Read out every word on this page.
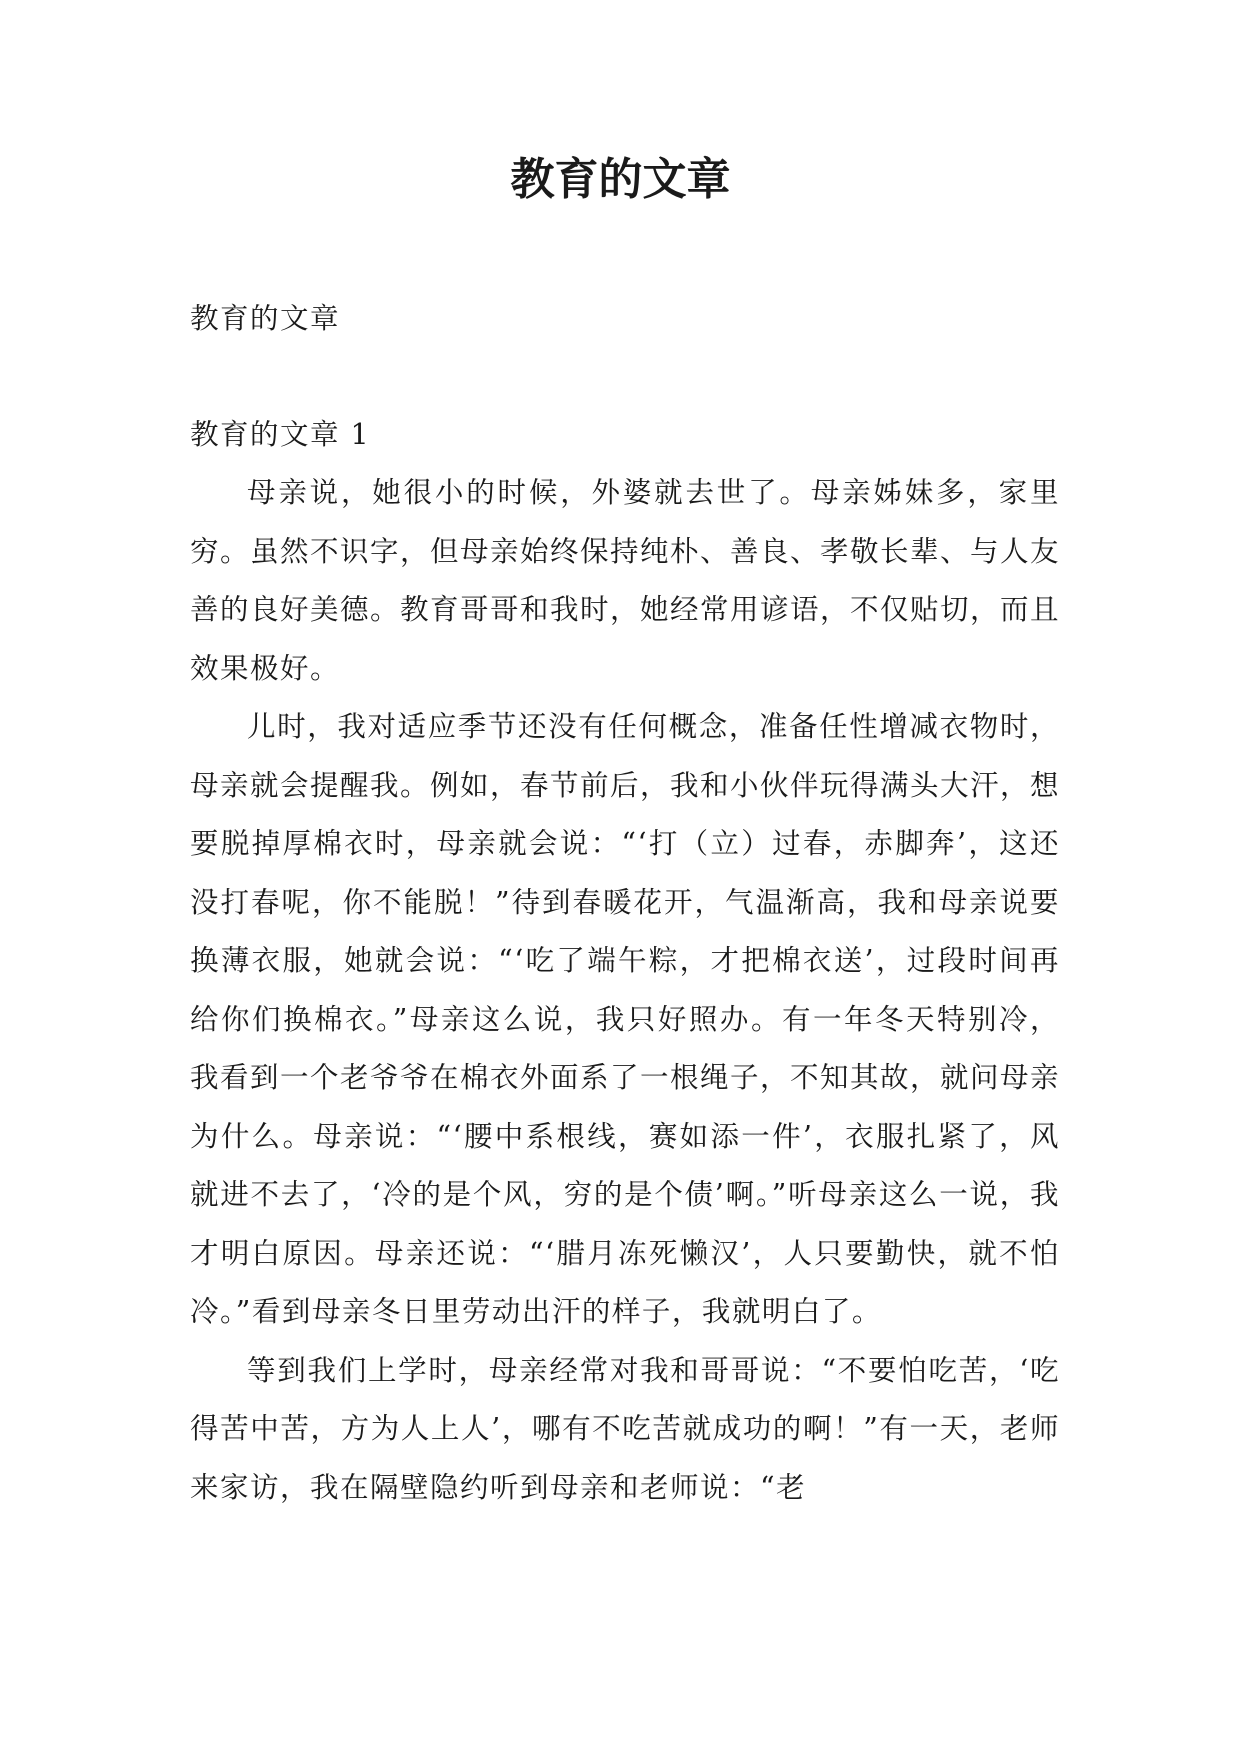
教育的文章

教育的文章

教育的文章 1

母亲说，她很小的时候，外婆就去世了。母亲姊妹多，家里穷。虽然不识字，但母亲始终保持纯朴、善良、孝敬长辈、与人友善的良好美德。教育哥哥和我时，她经常用谚语，不仅贴切，而且效果极好。

儿时，我对适应季节还没有任何概念，准备任性增减衣物时，母亲就会提醒我。例如，春节前后，我和小伙伴玩得满头大汗，想要脱掉厚棉衣时，母亲就会说：“‘打（立）过春，赤脚奔’，这还没打春呢，你不能脱！”待到春暖花开，气温渐高，我和母亲说要换薄衣服，她就会说：“‘吃了端午粽，才把棉衣送’，过段时间再给你们换棉衣。”母亲这么说，我只好照办。有一年冬天特别冷，我看到一个老爷爷在棉衣外面系了一根绳子，不知其故，就问母亲为什么。母亲说：“‘腰中系根线，赛如添一件’，衣服扎紧了，风就进不去了，‘冷的是个风，穷的是个债’啊。”听母亲这么一说，我才明白原因。母亲还说：“‘腊月冻死懒汉’，人只要勤快，就不怕冷。”看到母亲冬日里劳动出汗的样子，我就明白了。

等到我们上学时，母亲经常对我和哥哥说：“不要怕吃苦，‘吃得苦中苦，方为人上人’，哪有不吃苦就成功的啊！”有一天，老师来家访，我在隔壁隐约听到母亲和老师说：“老
